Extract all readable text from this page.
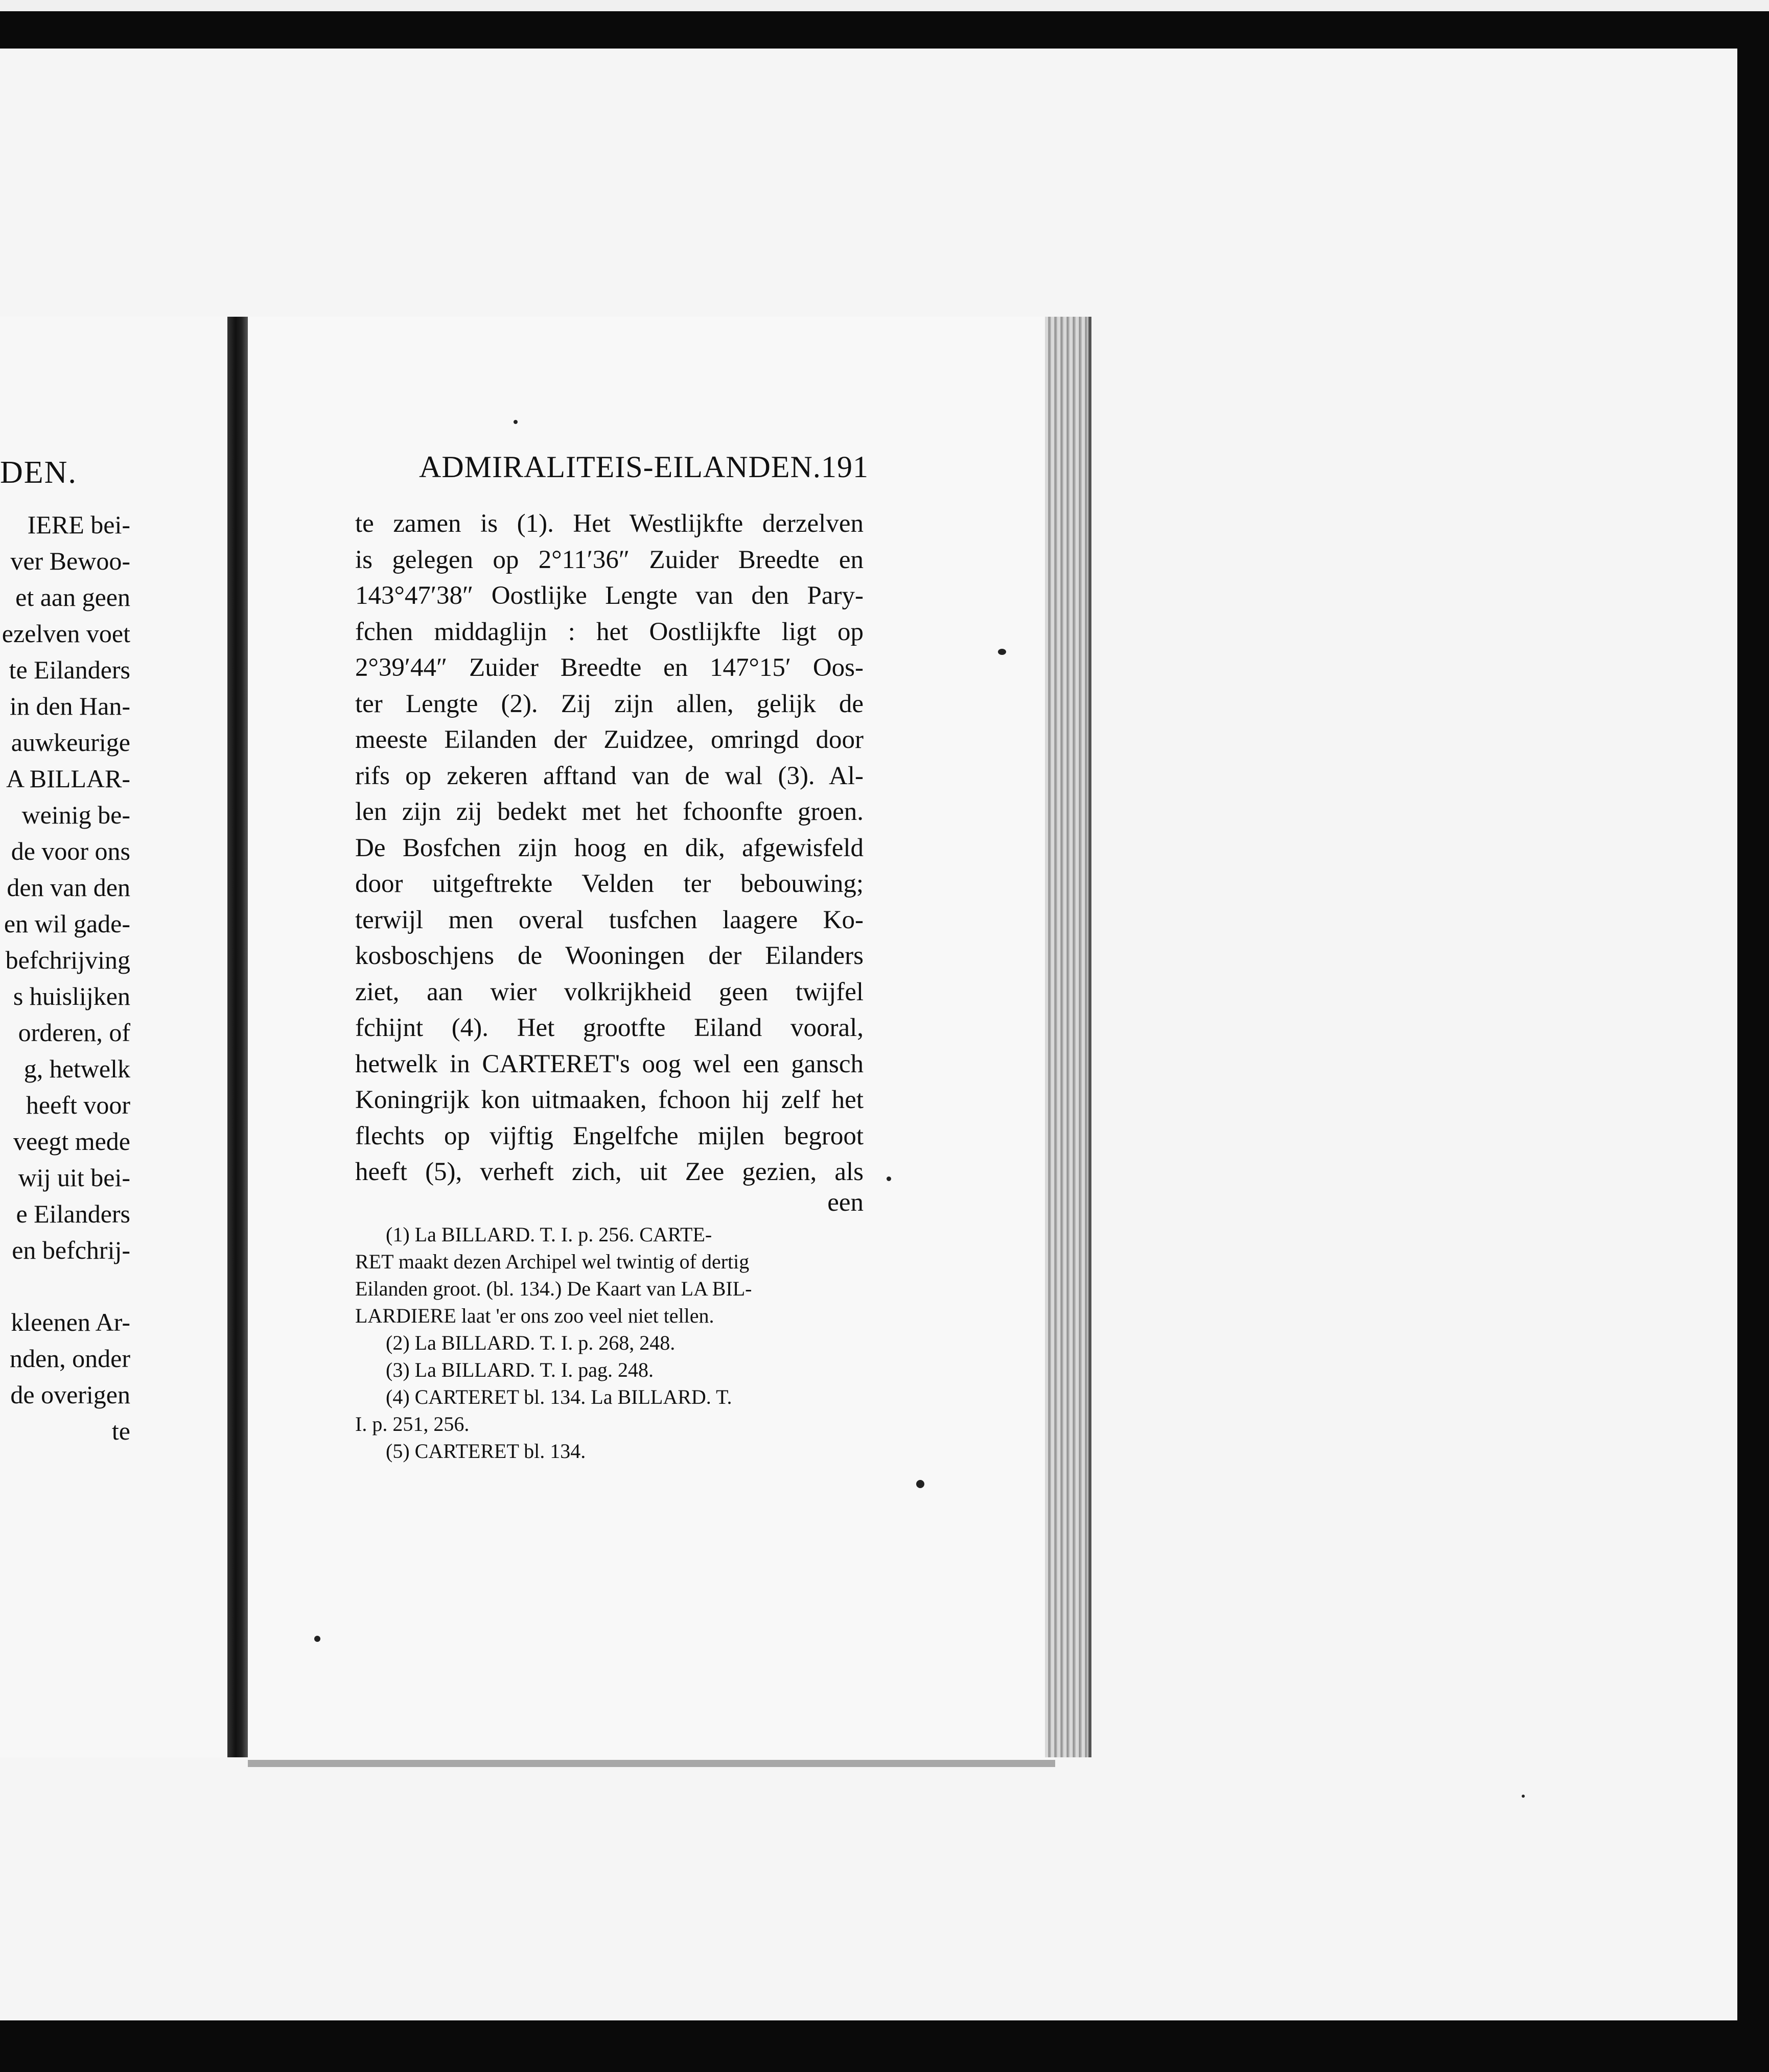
DEN.
IERE bei-
ver Bewoo-
et aan geen
ezelven voet
te Eilanders
in den Han-
auwkeurige
A BILLAR-
weinig be-
de voor ons
den van den
en wil gade-
befchrijving
s huislijken
orderen, of
g, hetwelk
heeft voor
veegt mede
wij uit bei-
e Eilanders
en befchrij-
kleenen Ar-
nden, onder
de overigen
te
ADMIRALITEIS-EILANDEN. 191
te zamen is (1). Het Westlijkfte derzelven
is gelegen op 2°11′36″ Zuider Breedte en
143°47′38″ Oostlijke Lengte van den Pary-
fchen middaglijn : het Oostlijkfte ligt op
2°39′44″ Zuider Breedte en 147°15′ Oos-
ter Lengte (2). Zij zijn allen, gelijk de
meeste Eilanden der Zuidzee, omringd door
rifs op zekeren afftand van de wal (3). Al-
len zijn zij bedekt met het fchoonfte groen.
De Bosfchen zijn hoog en dik, afgewisfeld
door uitgeftrekte Velden ter bebouwing;
terwijl men overal tusfchen laagere Ko-
kosboschjens de Wooningen der Eilanders
ziet, aan wier volkrijkheid geen twijfel
fchijnt (4). Het grootfte Eiland vooral,
hetwelk in CARTERET's oog wel een gansch
Koningrijk kon uitmaaken, fchoon hij zelf het
flechts op vijftig Engelfche mijlen begroot
heeft (5), verheft zich, uit Zee gezien, als
een
(1) La BILLARD. T. I. p. 256. CARTE-
RET maakt dezen Archipel wel twintig of dertig
Eilanden groot. (bl. 134.) De Kaart van LA BIL-
LARDIERE laat 'er ons zoo veel niet tellen.
(2) La BILLARD. T. I. p. 268, 248.
(3) La BILLARD. T. I. pag. 248.
(4) CARTERET bl. 134. La BILLARD. T.
I. p. 251, 256.
(5) CARTERET bl. 134.
